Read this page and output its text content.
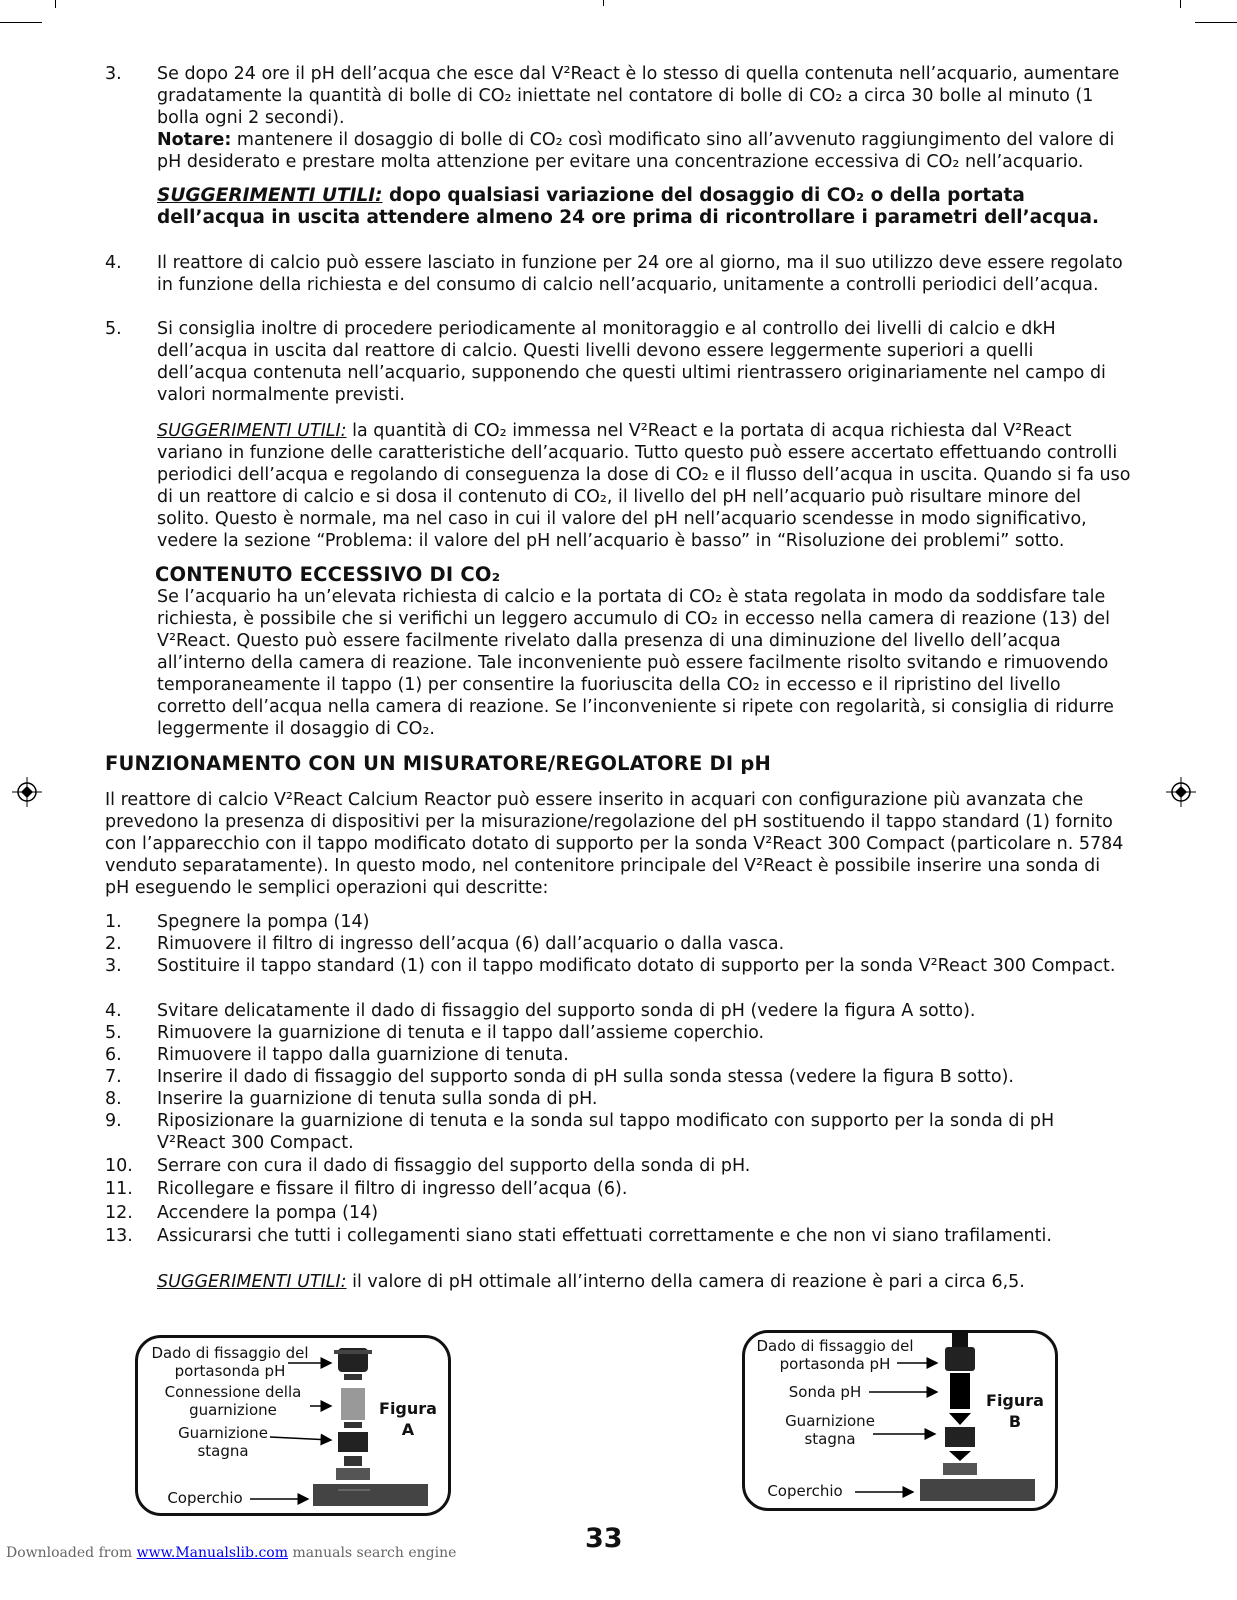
3.	Se dopo 24 ore il pH dell’acqua che esce dal V²React è lo stesso di quella contenuta nell’acquario, aumentare gradatamente la quantità di bolle di CO₂ iniettate nel contatore di bolle di CO₂ a circa 30 bolle al minuto (1 bolla ogni 2 secondi).
Notare: mantenere il dosaggio di bolle di CO₂ così modificato sino all’avvenuto raggiungimento del valore di pH desiderato e prestare molta attenzione per evitare una concentrazione eccessiva di CO₂ nell’acquario.
SUGGERIMENTI UTILI: dopo qualsiasi variazione del dosaggio di CO₂ o della portata dell’acqua in uscita attendere almeno 24 ore prima di ricontrollare i parametri dell’acqua.
4.	Il reattore di calcio può essere lasciato in funzione per 24 ore al giorno, ma il suo utilizzo deve essere regolato in funzione della richiesta e del consumo di calcio nell’acquario, unitamente a controlli periodici dell’acqua.
5.	Si consiglia inoltre di procedere periodicamente al monitoraggio e al controllo dei livelli di calcio e dkH dell’acqua in uscita dal reattore di calcio. Questi livelli devono essere leggermente superiori a quelli dell’acqua contenuta nell’acquario, supponendo che questi ultimi rientrassero originariamente nel campo di valori normalmente previsti.
SUGGERIMENTI UTILI: la quantità di CO₂ immessa nel V²React e la portata di acqua richiesta dal V²React variano in funzione delle caratteristiche dell’acquario. Tutto questo può essere accertato effettuando controlli periodici dell’acqua e regolando di conseguenza la dose di CO₂ e il flusso dell’acqua in uscita. Quando si fa uso di un reattore di calcio e si dosa il contenuto di CO₂, il livello del pH nell’acquario può risultare minore del solito. Questo è normale, ma nel caso in cui il valore del pH nell’acquario scendesse in modo significativo, vedere la sezione “Problema: il valore del pH nell’acquario è basso” in “Risoluzione dei problemi” sotto.
CONTENUTO ECCESSIVO DI CO₂
Se l’acquario ha un’elevata richiesta di calcio e la portata di CO₂ è stata regolata in modo da soddisfare tale richiesta, è possibile che si verifichi un leggero accumulo di CO₂ in eccesso nella camera di reazione (13) del V²React. Questo può essere facilmente rivelato dalla presenza di una diminuzione del livello dell’acqua all’interno della camera di reazione. Tale inconveniente può essere facilmente risolto svitando e rimuovendo temporaneamente il tappo (1) per consentire la fuoriuscita della CO₂ in eccesso e il ripristino del livello corretto dell’acqua nella camera di reazione. Se l’inconveniente si ripete con regolarità, si consiglia di ridurre leggermente il dosaggio di CO₂.
FUNZIONAMENTO CON UN MISURATORE/REGOLATORE DI pH
Il reattore di calcio V²React Calcium Reactor può essere inserito in acquari con configurazione più avanzata che prevedono la presenza di dispositivi per la misurazione/regolazione del pH sostituendo il tappo standard (1) fornito con l’apparecchio con il tappo modificato dotato di supporto per la sonda V²React 300 Compact (particolare n. 5784 venduto separatamente). In questo modo, nel contenitore principale del V²React è possibile inserire una sonda di pH eseguendo le semplici operazioni qui descritte:
1.	Spegnere la pompa (14)
2.	Rimuovere il filtro di ingresso dell’acqua (6) dall’acquario o dalla vasca.
3.	Sostituire il tappo standard (1) con il tappo modificato dotato di supporto per la sonda V²React 300 Compact.
4.	Svitare delicatamente il dado di fissaggio del supporto sonda di pH (vedere la figura A sotto).
5.	Rimuovere la guarnizione di tenuta e il tappo dall’assieme coperchio.
6.	Rimuovere il tappo dalla guarnizione di tenuta.
7.	Inserire il dado di fissaggio del supporto sonda di pH sulla sonda stessa (vedere la figura B sotto).
8.	Inserire la guarnizione di tenuta sulla sonda di pH.
9.	Riposizionare la guarnizione di tenuta e la sonda sul tappo modificato con supporto per la sonda di pH V²React 300 Compact.
10.	Serrare con cura il dado di fissaggio del supporto della sonda di pH.
11.	Ricollegare e fissare il filtro di ingresso dell’acqua (6).
12.	Accendere la pompa (14)
13.	Assicurarsi che tutti i collegamenti siano stati effettuati correttamente e che non vi siano trafilamenti.
SUGGERIMENTI UTILI: il valore di pH ottimale all’interno della camera di reazione è pari a circa 6,5.
Dado di fissaggio del portasonda pH
Connessione della guarnizione
Guarnizione stagna
Coperchio
Figura
A
Dado di fissaggio del portasonda pH
Sonda pH
Guarnizione stagna
Coperchio
Figura
B
33
Downloaded from www.Manualslib.com manuals search engine
